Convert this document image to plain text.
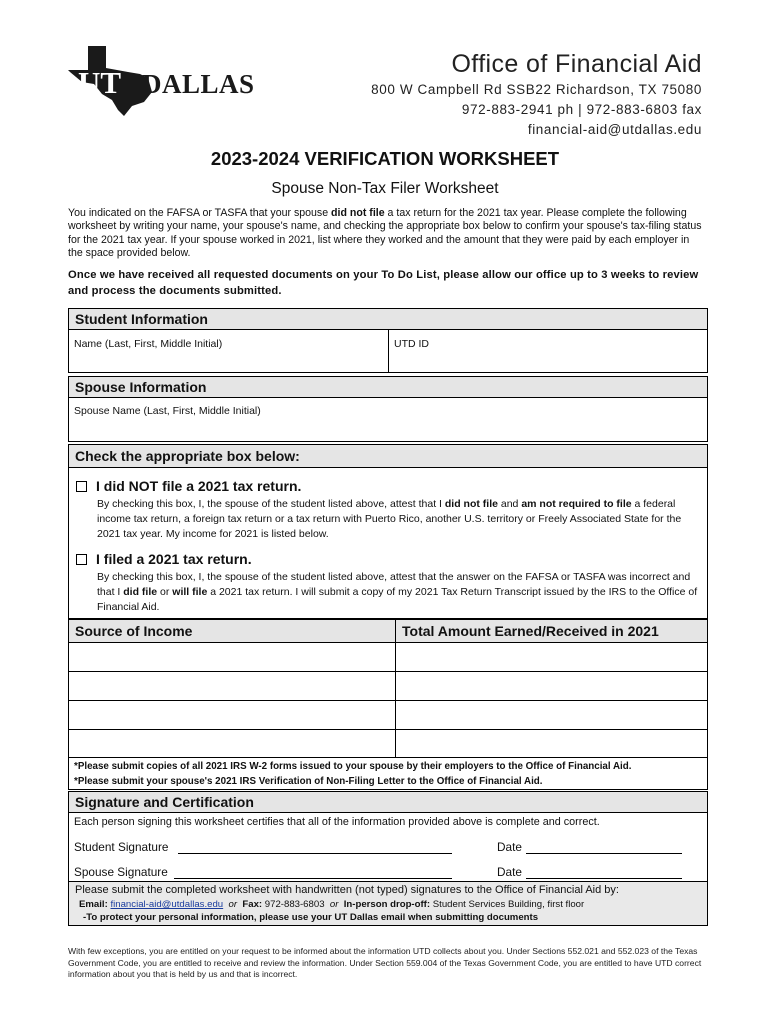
UT DALLAS
Office of Financial Aid
800 W Campbell Rd SSB22 Richardson, TX 75080
972-883-2941 ph | 972-883-6803 fax
financial-aid@utdallas.edu
2023-2024 VERIFICATION WORKSHEET
Spouse Non-Tax Filer Worksheet
You indicated on the FAFSA or TASFA that your spouse did not file a tax return for the 2021 tax year. Please complete the following worksheet by writing your name, your spouse's name, and checking the appropriate box below to confirm your spouse's tax-filing status for the 2021 tax year. If your spouse worked in 2021, list where they worked and the amount that they were paid by each employer in the space provided below.
Once we have received all requested documents on your To Do List, please allow our office up to 3 weeks to review and process the documents submitted.
Student Information
Name (Last, First, Middle Initial)	UTD ID
Spouse Information
Spouse Name (Last, First, Middle Initial)
Check the appropriate box below:
I did NOT file a 2021 tax return.
By checking this box, I, the spouse of the student listed above, attest that I did not file and am not required to file a federal income tax return, a foreign tax return or a tax return with Puerto Rico, another U.S. territory or Freely Associated State for the 2021 tax year. My income for 2021 is listed below.
I filed a 2021 tax return.
By checking this box, I, the spouse of the student listed above, attest that the answer on the FAFSA or TASFA was incorrect and that I did file or will file a 2021 tax return. I will submit a copy of my 2021 Tax Return Transcript issued by the IRS to the Office of Financial Aid.
Source of Income	Total Amount Earned/Received in 2021
*Please submit copies of all 2021 IRS W-2 forms issued to your spouse by their employers to the Office of Financial Aid.
*Please submit your spouse's 2021 IRS Verification of Non-Filing Letter to the Office of Financial Aid.
Signature and Certification
Each person signing this worksheet certifies that all of the information provided above is complete and correct.
Student Signature	Date
Spouse Signature	Date
Please submit the completed worksheet with handwritten (not typed) signatures to the Office of Financial Aid by:
Email: financial-aid@utdallas.edu or Fax: 972-883-6803 or In-person drop-off: Student Services Building, first floor
-To protect your personal information, please use your UT Dallas email when submitting documents
With few exceptions, you are entitled on your request to be informed about the information UTD collects about you. Under Sections 552.021 and 552.023 of the Texas Government Code, you are entitled to receive and review the information. Under Section 559.004 of the Texas Government Code, you are entitled to have UTD correct information about you that is held by us and that is incorrect.
